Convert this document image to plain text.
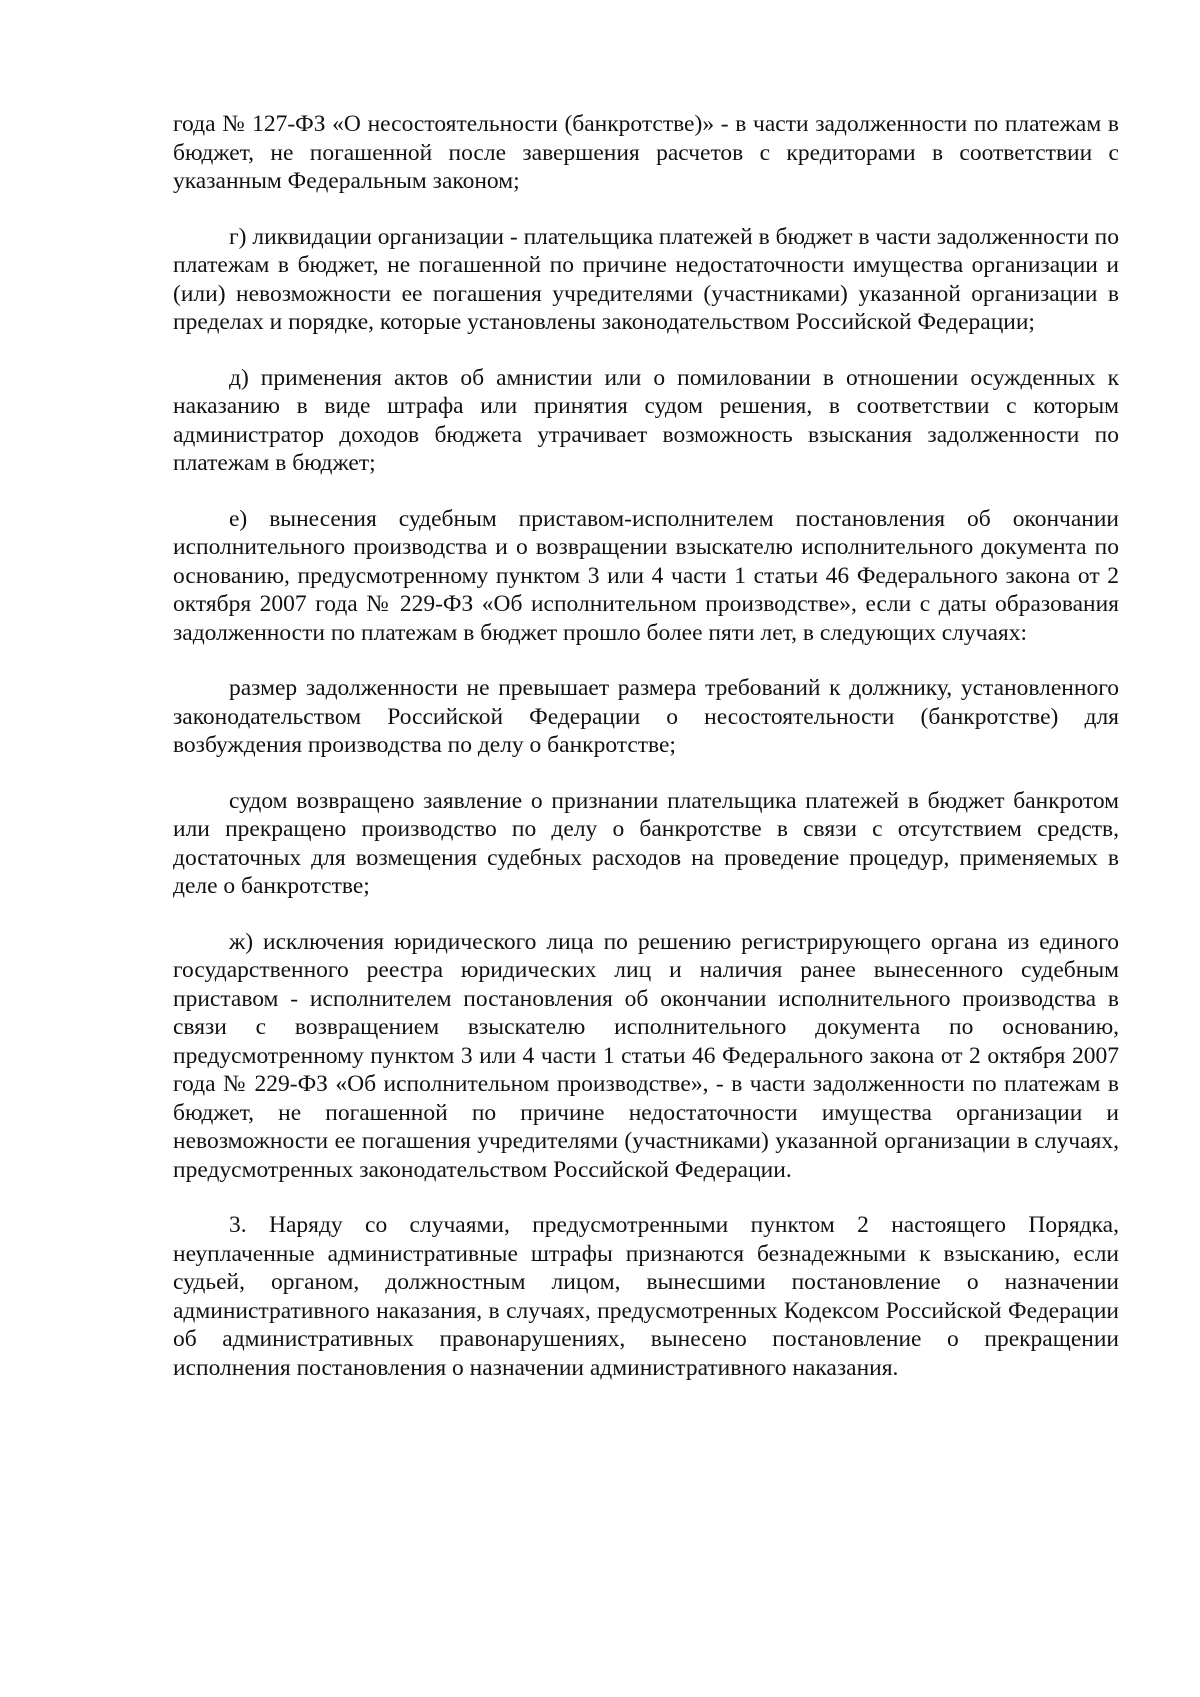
года № 127-ФЗ «О несостоятельности (банкротстве)» - в части задолженности по платежам в бюджет, не погашенной после завершения расчетов с кредиторами в соответствии с указанным Федеральным законом;

г) ликвидации организации - плательщика платежей в бюджет в части задолженности по платежам в бюджет, не погашенной по причине недостаточности имущества организации и (или) невозможности ее погашения учредителями (участниками) указанной организации в пределах и порядке, которые установлены законодательством Российской Федерации;

д) применения актов об амнистии или о помиловании в отношении осужденных к наказанию в виде штрафа или принятия судом решения, в соответствии с которым администратор доходов бюджета утрачивает возможность взыскания задолженности по платежам в бюджет;

е) вынесения судебным приставом-исполнителем постановления об окончании исполнительного производства и о возвращении взыскателю исполнительного документа по основанию, предусмотренному пунктом 3 или 4 части 1 статьи 46 Федерального закона от 2 октября 2007 года № 229-ФЗ «Об исполнительном производстве», если с даты образования задолженности по платежам в бюджет прошло более пяти лет, в следующих случаях:

размер задолженности не превышает размера требований к должнику, установленного законодательством Российской Федерации о несостоятельности (банкротстве) для возбуждения производства по делу о банкротстве;

судом возвращено заявление о признании плательщика платежей в бюджет банкротом или прекращено производство по делу о банкротстве в связи с отсутствием средств, достаточных для возмещения судебных расходов на проведение процедур, применяемых в деле о банкротстве;

ж) исключения юридического лица по решению регистрирующего органа из единого государственного реестра юридических лиц и наличия ранее вынесенного судебным приставом - исполнителем постановления об окончании исполнительного производства в связи с возвращением взыскателю исполнительного документа по основанию, предусмотренному пунктом 3 или 4 части 1 статьи 46 Федерального закона от 2 октября 2007 года № 229-ФЗ «Об исполнительном производстве», - в части задолженности по платежам в бюджет, не погашенной по причине недостаточности имущества организации и невозможности ее погашения учредителями (участниками) указанной организации в случаях, предусмотренных законодательством Российской Федерации.

3. Наряду со случаями, предусмотренными пунктом 2 настоящего Порядка, неуплаченные административные штрафы признаются безнадежными к взысканию, если судьей, органом, должностным лицом, вынесшими постановление о назначении административного наказания, в случаях, предусмотренных Кодексом Российской Федерации об административных правонарушениях, вынесено постановление о прекращении исполнения постановления о назначении административного наказания.
